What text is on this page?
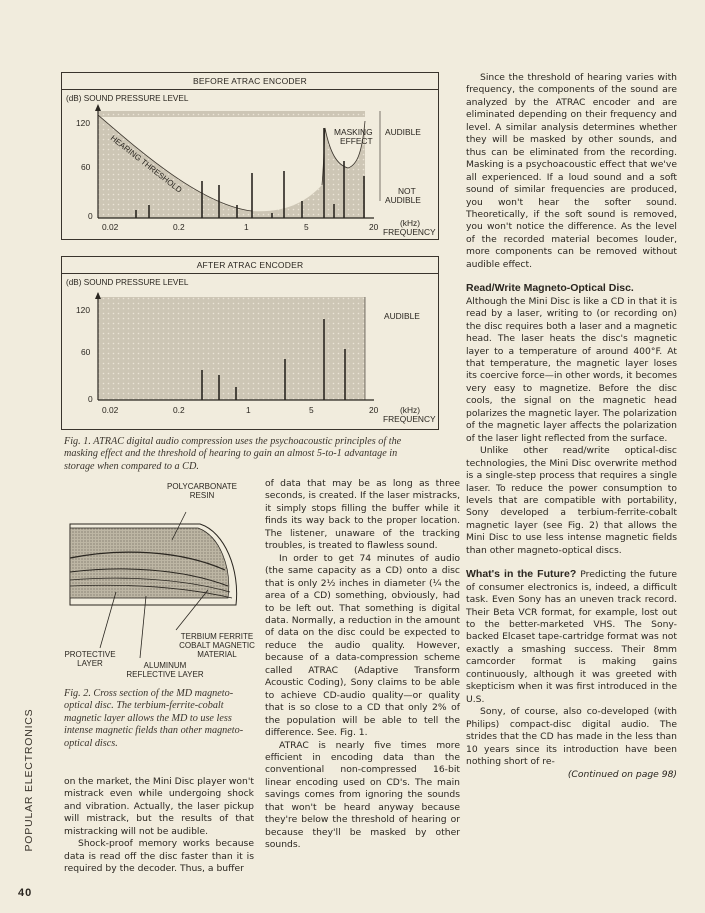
BEFORE ATRAC ENCODER
(dB) SOUND PRESSURE LEVEL
120
60
0
0.02	0.2	1	5	20	(kHz)
FREQUENCY
MASKING
EFFECT
AUDIBLE
NOT
AUDIBLE
HEARING THRESHOLD
AFTER ATRAC ENCODER
(dB) SOUND PRESSURE LEVEL
120
60
0
0.02	0.2	1	5	20	(kHz)
FREQUENCY
AUDIBLE
Fig. 1. ATRAC digital audio compression uses the psychoacoustic principles of the masking effect and the threshold of hearing to gain an almost 5-to-1 advantage in storage when compared to a CD.
POLYCARBONATE
RESIN
TERBIUM FERRITE
COBALT MAGNETIC
MATERIAL
PROTECTIVE
LAYER	ALUMINUM
REFLECTIVE LAYER
Fig. 2. Cross section of the MD magneto-optical disc. The terbium-ferrite-cobalt magnetic layer allows the MD to use less intense magnetic fields than other magneto-optical discs.

on the market, the Mini Disc player won't mistrack even while undergoing shock and vibration. Actually, the laser pickup will mistrack, but the results of that mistracking will not be audible.

Shock-proof memory works because data is read off the disc faster than it is required by the decoder. Thus, a buffer

of data that may be as long as three seconds, is created. If the laser mistracks, it simply stops filling the buffer while it finds its way back to the proper location. The listener, unaware of the tracking troubles, is treated to flawless sound.

In order to get 74 minutes of audio (the same capacity as a CD) onto a disc that is only 2½ inches in diameter (¼ the area of a CD) something, obviously, had to be left out. That something is digital data. Normally, a reduction in the amount of data on the disc could be expected to reduce the audio quality. However, because of a data-compression scheme called ATRAC (Adaptive Transform Acoustic Coding), Sony claims to be able to achieve CD-audio quality—or quality that is so close to a CD that only 2% of the population will be able to tell the difference. See. Fig. 1.

ATRAC is nearly five times more efficient in encoding data than the conventional non-compressed 16-bit linear encoding used on CD's. The main savings comes from ignoring the sounds that won't be heard anyway because they're below the threshold of hearing or because they'll be masked by other sounds.

Since the threshold of hearing varies with frequency, the components of the sound are analyzed by the ATRAC encoder and are eliminated depending on their frequency and level. A similar analysis determines whether they will be masked by other sounds, and thus can be eliminated from the recording. Masking is a psychoacoustic effect that we've all experienced. If a loud sound and a soft sound of similar frequencies are produced, you won't hear the softer sound. Theoretically, if the soft sound is removed, you won't notice the difference. As the level of the recorded material becomes louder, more components can be removed without audible effect.

Read/Write Magneto-Optical Disc.
Although the Mini Disc is like a CD in that it is read by a laser, writing to (or recording on) the disc requires both a laser and a magnetic head. The laser heats the disc's magnetic layer to a temperature of around 400°F. At that temperature, the magnetic layer loses its coercive force—in other words, it becomes very easy to magnetize. Before the disc cools, the signal on the magnetic head polarizes the magnetic layer. The polarization of the magnetic layer affects the polarization of the laser light reflected from the surface.

Unlike other read/write optical-disc technologies, the Mini Disc overwrite method is a single-step process that requires a single laser. To reduce the power consumption to levels that are compatible with portability, Sony developed a terbium-ferrite-cobalt magnetic layer (see Fig. 2) that allows the Mini Disc to use less intense magnetic fields than other magneto-optical discs.

What's in the Future? Predicting the future of consumer electronics is, indeed, a difficult task. Even Sony has an uneven track record. Their Beta VCR format, for example, lost out to the better-marketed VHS. The Sony-backed Elcaset tape-cartridge format was not exactly a smashing success. Their 8mm camcorder format is making gains continuously, although it was greeted with skepticism when it was first introduced in the U.S.

Sony, of course, also co-developed (with Philips) compact-disc digital audio. The strides that the CD has made in the less than 10 years since its introduction have been nothing short of re-

(Continued on page 98)
POPULAR ELECTRONICS
40
